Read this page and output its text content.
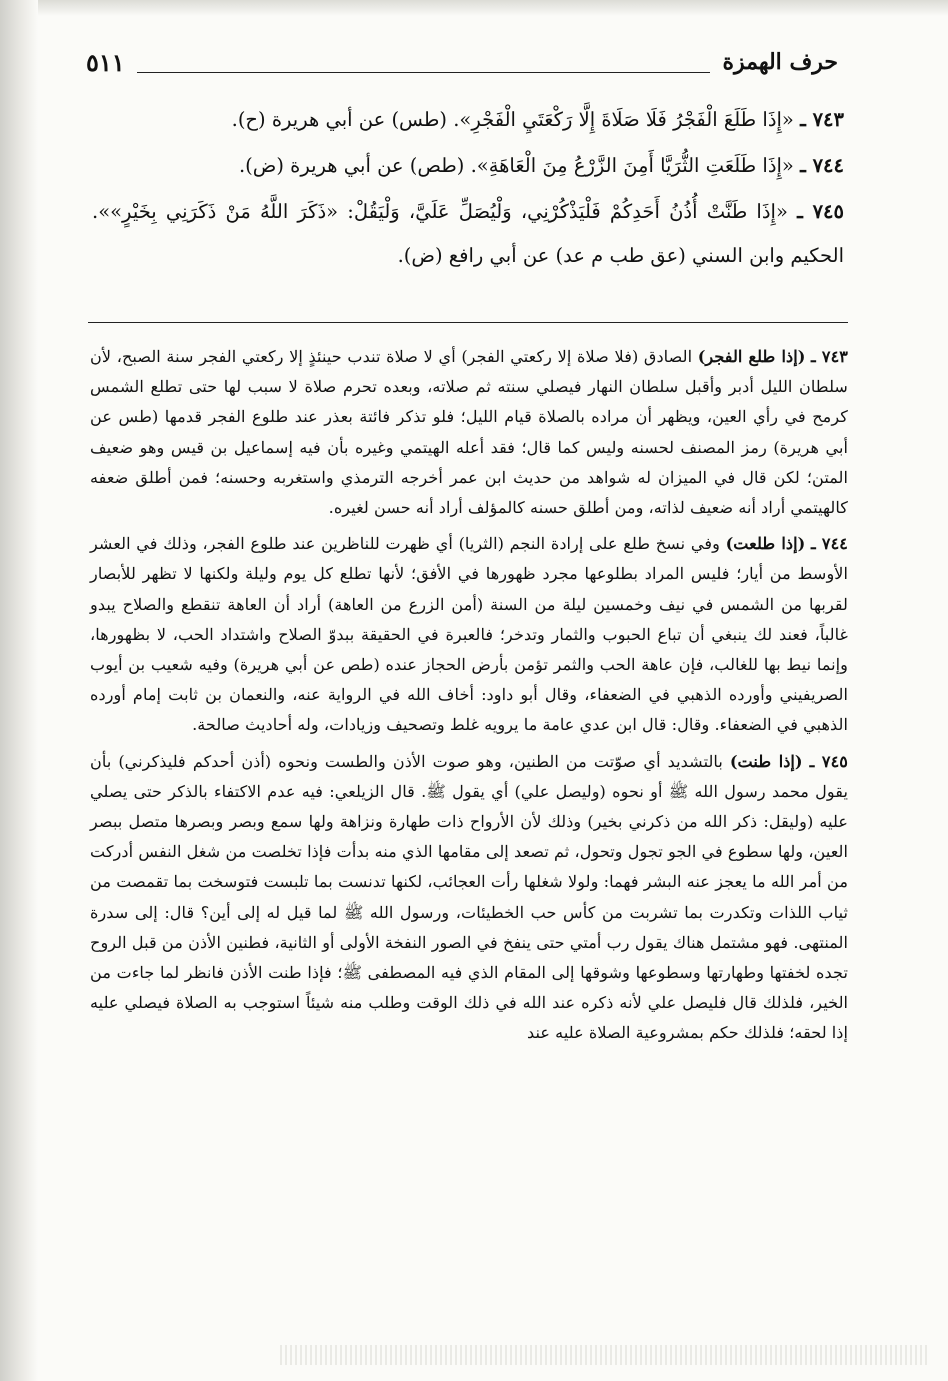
حرف الهمزة
٥١١

٧٤٣ ـ «إِذَا طَلَعَ الْفَجْرُ فَلَا صَلَاةَ إِلَّا رَكْعَتَيِ الْفَجْرِ». (طس) عن أبي هريرة (ح).

٧٤٤ ـ «إِذَا طَلَعَتِ الثُّرَيَّا أَمِنَ الزَّرْعُ مِنَ الْعَاهَةِ». (طص) عن أبي هريرة (ض).

٧٤٥ ـ «إِذَا طَنَّتْ أُذُنُ أَحَدِكُمْ فَلْيَذْكُرْنِي، وَلْيُصَلِّ عَلَيَّ، وَلْيَقُلْ: «ذَكَرَ اللَّهُ مَنْ ذَكَرَنِي بِخَيْرٍ»». الحكيم وابن السني (عق طب م عد) عن أبي رافع (ض).

٧٤٣ ـ (إذا طلع الفجر) الصادق (فلا صلاة إلا ركعتي الفجر) أي لا صلاة تندب حينئذٍ إلا ركعتي الفجر سنة الصبح، لأن سلطان الليل أدبر وأقبل سلطان النهار فيصلي سنته ثم صلاته، وبعده تحرم صلاة لا سبب لها حتى تطلع الشمس كرمح في رأي العين، ويظهر أن مراده بالصلاة قيام الليل؛ فلو تذكر فائتة بعذر عند طلوع الفجر قدمها (طس عن أبي هريرة) رمز المصنف لحسنه وليس كما قال؛ فقد أعله الهيتمي وغيره بأن فيه إسماعيل بن قيس وهو ضعيف المتن؛ لكن قال في الميزان له شواهد من حديث ابن عمر أخرجه الترمذي واستغربه وحسنه؛ فمن أطلق ضعفه كالهيتمي أراد أنه ضعيف لذاته، ومن أطلق حسنه كالمؤلف أراد أنه حسن لغيره.

٧٤٤ ـ (إذا طلعت) وفي نسخ طلع على إرادة النجم (الثريا) أي ظهرت للناظرين عند طلوع الفجر، وذلك في العشر الأوسط من أيار؛ فليس المراد بطلوعها مجرد ظهورها في الأفق؛ لأنها تطلع كل يوم وليلة ولكنها لا تظهر للأبصار لقربها من الشمس في نيف وخمسين ليلة من السنة (أمن الزرع من العاهة) أراد أن العاهة تنقطع والصلاح يبدو غالباً، فعند لك ينبغي أن تباع الحبوب والثمار وتدخر؛ فالعبرة في الحقيقة ببدوّ الصلاح واشتداد الحب، لا بظهورها، وإنما نيط بها للغالب، فإن عاهة الحب والثمر تؤمن بأرض الحجاز عنده (طص عن أبي هريرة) وفيه شعيب بن أيوب الصريفيني وأورده الذهبي في الضعفاء، وقال أبو داود: أخاف الله في الرواية عنه، والنعمان بن ثابت إمام أورده الذهبي في الضعفاء. وقال: قال ابن عدي عامة ما يرويه غلط وتصحيف وزيادات، وله أحاديث صالحة.

٧٤٥ ـ (إذا طنت) بالتشديد أي صوّتت من الطنين، وهو صوت الأذن والطست ونحوه (أذن أحدكم فليذكرني) بأن يقول محمد رسول الله ﷺ أو نحوه (وليصل علي) أي يقول ﷺ. قال الزيلعي: فيه عدم الاكتفاء بالذكر حتى يصلي عليه (وليقل: ذكر الله من ذكرني بخير) وذلك لأن الأرواح ذات طهارة ونزاهة ولها سمع وبصر وبصرها متصل ببصر العين، ولها سطوع في الجو تجول وتحول، ثم تصعد إلى مقامها الذي منه بدأت فإذا تخلصت من شغل النفس أدركت من أمر الله ما يعجز عنه البشر فهما: ولولا شغلها رأت العجائب، لكنها تدنست بما تلبست فتوسخت بما تقمصت من ثياب اللذات وتكدرت بما تشربت من كأس حب الخطيئات، ورسول الله ﷺ لما قيل له إلى أين؟ قال: إلى سدرة المنتهى. فهو مشتمل هناك يقول رب أمتي حتى ينفخ في الصور النفخة الأولى أو الثانية، فطنين الأذن من قبل الروح تجده لخفتها وطهارتها وسطوعها وشوقها إلى المقام الذي فيه المصطفى ﷺ؛ فإذا طنت الأذن فانظر لما جاءت من الخير، فلذلك قال فليصل علي لأنه ذكره عند الله في ذلك الوقت وطلب منه شيئاً استوجب به الصلاة فيصلي عليه إذا لحقه؛ فلذلك حكم بمشروعية الصلاة عليه عند
